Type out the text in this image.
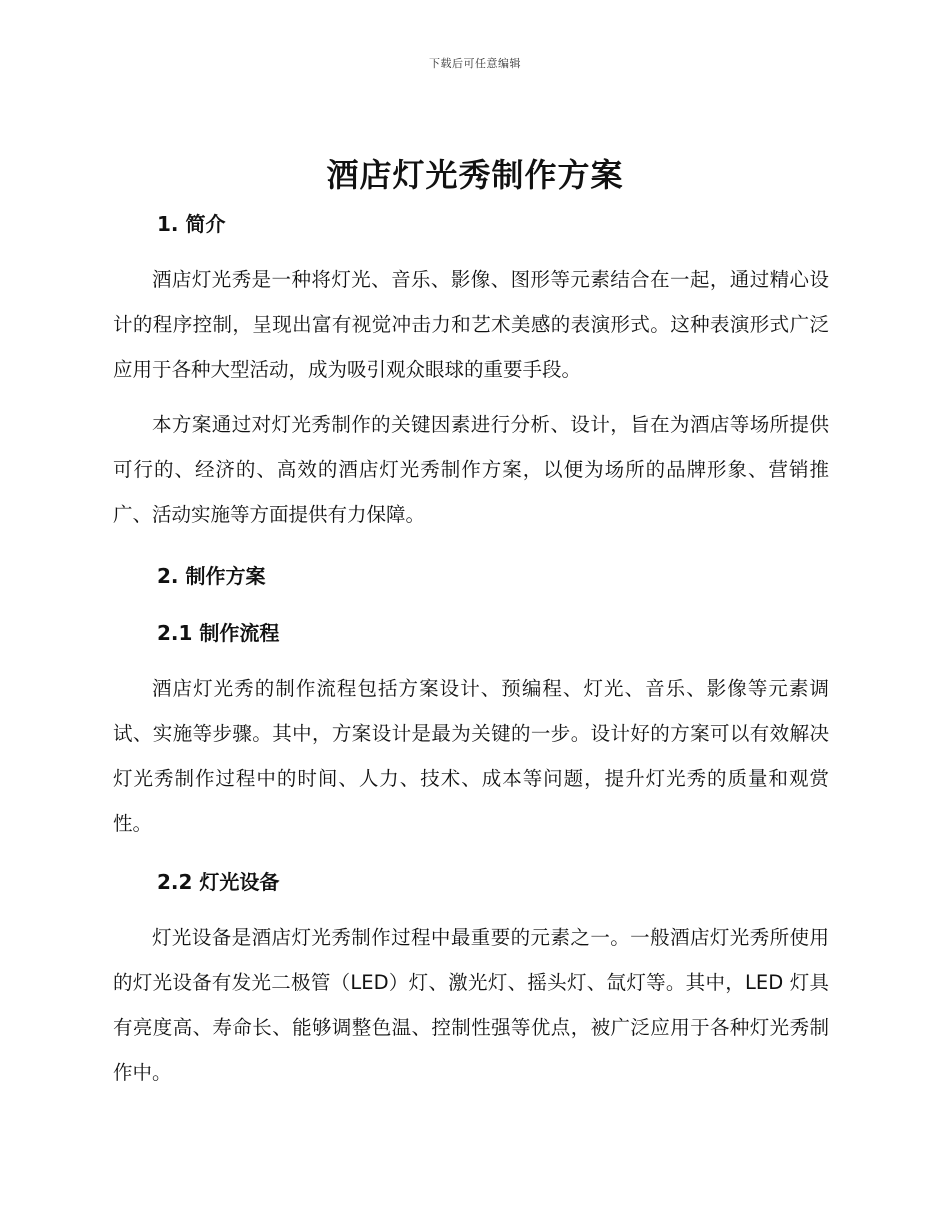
下载后可任意编辑
酒店灯光秀制作方案
1. 简介

酒店灯光秀是一种将灯光、音乐、影像、图形等元素结合在一起，通过精心设计的程序控制，呈现出富有视觉冲击力和艺术美感的表演形式。这种表演形式广泛应用于各种大型活动，成为吸引观众眼球的重要手段。

本方案通过对灯光秀制作的关键因素进行分析、设计，旨在为酒店等场所提供可行的、经济的、高效的酒店灯光秀制作方案，以便为场所的品牌形象、营销推广、活动实施等方面提供有力保障。

2. 制作方案
2.1 制作流程

酒店灯光秀的制作流程包括方案设计、预编程、灯光、音乐、影像等元素调试、实施等步骤。其中，方案设计是最为关键的一步。设计好的方案可以有效解决灯光秀制作过程中的时间、人力、技术、成本等问题，提升灯光秀的质量和观赏性。

2.2 灯光设备

灯光设备是酒店灯光秀制作过程中最重要的元素之一。一般酒店灯光秀所使用的灯光设备有发光二极管（LED）灯、激光灯、摇头灯、氙灯等。其中，LED 灯具有亮度高、寿命长、能够调整色温、控制性强等优点，被广泛应用于各种灯光秀制作中。
